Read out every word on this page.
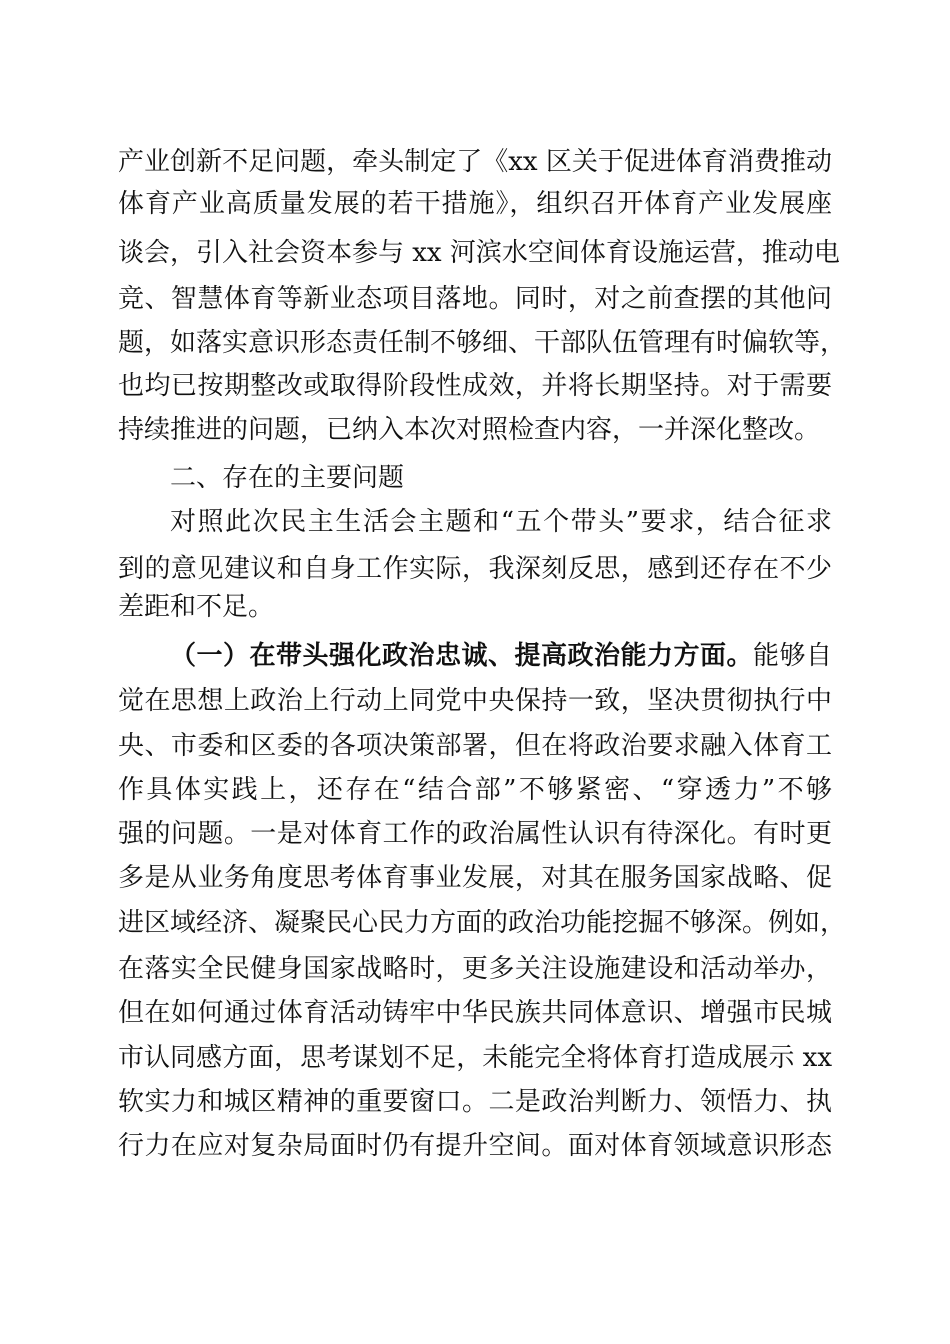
产业创新不足问题，牵头制定了《xx 区关于促进体育消费推动
体育产业高质量发展的若干措施》，组织召开体育产业发展座
谈会，引入社会资本参与 xx 河滨水空间体育设施运营，推动电
竞、智慧体育等新业态项目落地。同时，对之前查摆的其他问
题，如落实意识形态责任制不够细、干部队伍管理有时偏软等，
也均已按期整改或取得阶段性成效，并将长期坚持。对于需要
持续推进的问题，已纳入本次对照检查内容，一并深化整改。
二、存在的主要问题
对照此次民主生活会主题和“五个带头”要求，结合征求
到的意见建议和自身工作实际，我深刻反思，感到还存在不少
差距和不足。
（一）在带头强化政治忠诚、提高政治能力方面。能够自
觉在思想上政治上行动上同党中央保持一致，坚决贯彻执行中
央、市委和区委的各项决策部署，但在将政治要求融入体育工
作具体实践上，还存在“结合部”不够紧密、“穿透力”不够
强的问题。一是对体育工作的政治属性认识有待深化。有时更
多是从业务角度思考体育事业发展，对其在服务国家战略、促
进区域经济、凝聚民心民力方面的政治功能挖掘不够深。例如，
在落实全民健身国家战略时，更多关注设施建设和活动举办，
但在如何通过体育活动铸牢中华民族共同体意识、增强市民城
市认同感方面，思考谋划不足，未能完全将体育打造成展示 xx
软实力和城区精神的重要窗口。二是政治判断力、领悟力、执
行力在应对复杂局面时仍有提升空间。面对体育领域意识形态
